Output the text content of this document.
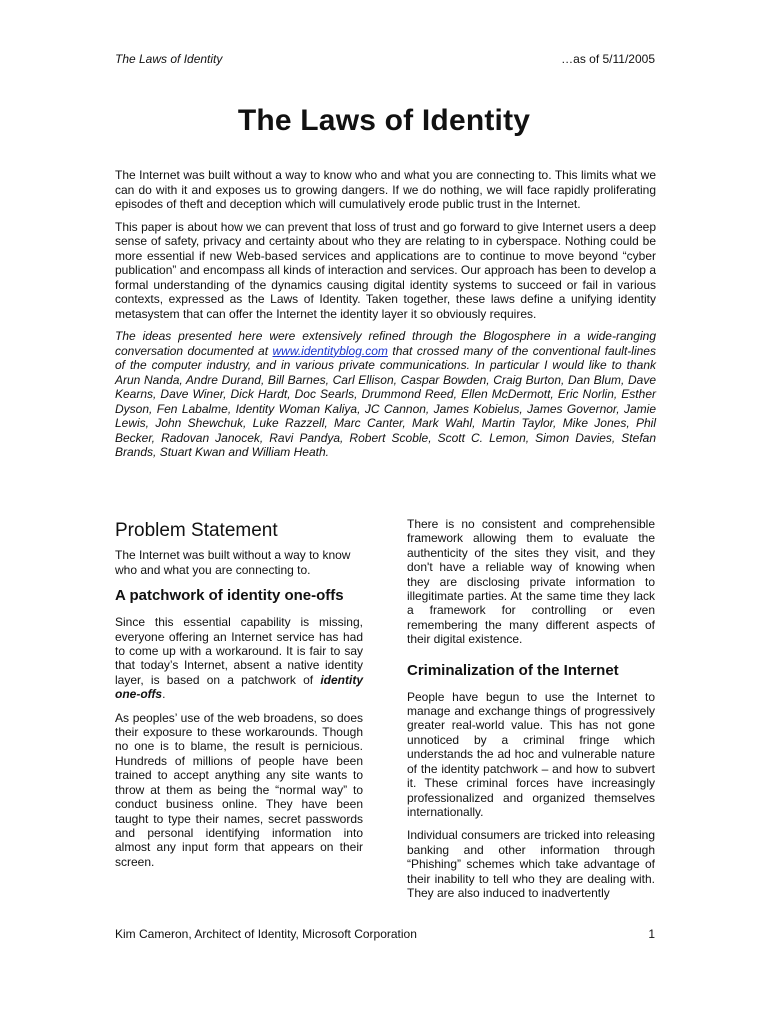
The Laws of Identity	…as of 5/11/2005
The Laws of Identity

The Internet was built without a way to know who and what you are connecting to. This limits what we can do with it and exposes us to growing dangers. If we do nothing, we will face rapidly proliferating episodes of theft and deception which will cumulatively erode public trust in the Internet.

This paper is about how we can prevent that loss of trust and go forward to give Internet users a deep sense of safety, privacy and certainty about who they are relating to in cyberspace. Nothing could be more essential if new Web-based services and applications are to continue to move beyond “cyber publication” and encompass all kinds of interaction and services. Our approach has been to develop a formal understanding of the dynamics causing digital identity systems to succeed or fail in various contexts, expressed as the Laws of Identity. Taken together, these laws define a unifying identity metasystem that can offer the Internet the identity layer it so obviously requires.

The ideas presented here were extensively refined through the Blogosphere in a wide-ranging conversation documented at www.identityblog.com that crossed many of the conventional fault-lines of the computer industry, and in various private communications. In particular I would like to thank Arun Nanda, Andre Durand, Bill Barnes, Carl Ellison, Caspar Bowden, Craig Burton, Dan Blum, Dave Kearns, Dave Winer, Dick Hardt, Doc Searls, Drummond Reed, Ellen McDermott, Eric Norlin, Esther Dyson, Fen Labalme, Identity Woman Kaliya, JC Cannon, James Kobielus, James Governor, Jamie Lewis, John Shewchuk, Luke Razzell, Marc Canter, Mark Wahl, Martin Taylor, Mike Jones, Phil Becker, Radovan Janocek, Ravi Pandya, Robert Scoble, Scott C. Lemon, Simon Davies, Stefan Brands, Stuart Kwan and William Heath.

Problem Statement

The Internet was built without a way to know who and what you are connecting to.

A patchwork of identity one-offs

Since this essential capability is missing, everyone offering an Internet service has had to come up with a workaround. It is fair to say that today’s Internet, absent a native identity layer, is based on a patchwork of identity one-offs.

As peoples’ use of the web broadens, so does their exposure to these workarounds. Though no one is to blame, the result is pernicious. Hundreds of millions of people have been trained to accept anything any site wants to throw at them as being the “normal way” to conduct business online. They have been taught to type their names, secret passwords and personal identifying information into almost any input form that appears on their screen.

There is no consistent and comprehensible framework allowing them to evaluate the authenticity of the sites they visit, and they don't have a reliable way of knowing when they are disclosing private information to illegitimate parties. At the same time they lack a framework for controlling or even remembering the many different aspects of their digital existence.

Criminalization of the Internet

People have begun to use the Internet to manage and exchange things of progressively greater real-world value. This has not gone unnoticed by a criminal fringe which understands the ad hoc and vulnerable nature of the identity patchwork – and how to subvert it. These criminal forces have increasingly professionalized and organized themselves internationally.

Individual consumers are tricked into releasing banking and other information through “Phishing” schemes which take advantage of their inability to tell who they are dealing with. They are also induced to inadvertently

Kim Cameron, Architect of Identity, Microsoft Corporation	1
